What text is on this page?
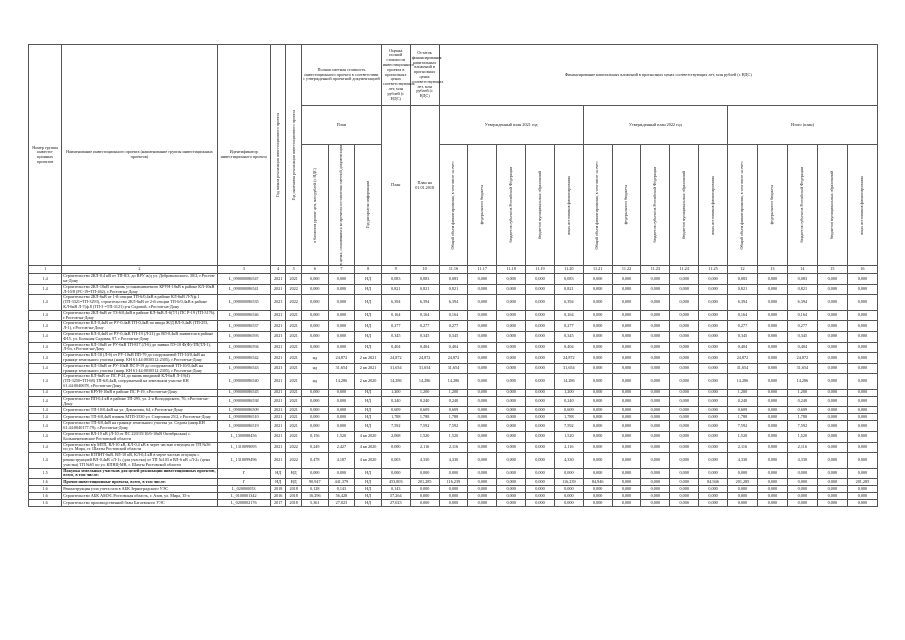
Номер группы инвести-ционных проектов	Наименование инвестиционного проекта (наименование группы инвестиционных проектов)	Идентификатор инвестиционного проекта	Год начала реализации инвестиционного проекта	Год окончания реализации инвестиционного проекта	Полная сметная стоимость инвестиционного проекта в соответствии с утвержденной проектной документацией			Оценка полной стоимости инвестиционного проекта в прогнозных ценах соответствующих лет, млн рублей (с НДС)	Остаток финансирования капитальных вложений в прогнозных ценах соответствующих лет, млн рублей (с НДС)	Финансирование капитальных вложений в прогнозных ценах соответствующих лет, млн рублей (с НДС)														
					План			План	План на 01.01.2018	Утвержденный план 2021 год					Утвержденный план 2022 год					Итого (план)				

					в базисном уровне цен, млн рублей (с НДС)	в ценах, сложившихся ко времени составления сметной документации	Год раскрытия информации			Общий объем финансирования, в том числе за счет:	федерального бюджета	бюджетов субъектов Российской Федерации	бюджетов муниципальных образований	иных источников финансирования	Общий объем финансирования, в том числе за счет:	федерального бюджета	бюджетов субъектов Российской Федерации	бюджетов муниципальных образований	иных источников финансирования	Общий объем финансирования, в том числе за счет:	федерального бюджета	бюджетов субъектов Российской Федерации	бюджетов муниципальных образований	иных источников финансирования

1	2	3	4	5	6	7	8	9	10	11.16	11.17	11.18	11.19	11.20	11.21	11.22	11.23	11.24	11.25	12	13	14	15	16
1.4	Строительство 2КЛ-0,4 кВ от ТП-8/3, до ВРУ ж/д ул. Добровольского, 30/2, г.Ростов-на-Дону	L_090000086547	2021	2021	0,000	0,000	НД	0,083	0,083	0,083	0,000	0,000	0,000	0,083	0,000	0,000	0,000	0,000	0,000	0,083	0,000	0,083	0,000	0,000
1.4	Строительство 2КЛ-10кВ от вновь устанавливаемого КРУН-10кВ в районе КЛ-10кВ Л-10/8 (РС-19=ТП-462), г.Ростов-на-Дону	L_090000086541	2021	2022	0,000	0,000	НД	0,821	0,821	0,821	0,000	0,000	0,000	0,821	0,000	0,000	0,000	0,000	0,000	0,821	0,000	0,821	0,000	0,000
1.4	Строительство 2КЛ-6кВ от 1-й секции ТП-6/0,4кВ в районе КЛ-6кВ Л-7(ф.1 (ТП-3321=ТП-3293), строительство 2КЛ-6кВ от 2-й секции ТП-6/0,4кВ в районе КЛ-6кВ Л-7(ф.8 (ТП-3 =ТП-3121) р-н Садовой, г.Ростов-на-Дону	L_090000086535	2021	2022	0,000	0,000	НД	6,394	6,394	6,394	0,000	0,000	0,000	6,394	0,000	0,000	0,000	0,000	0,000	6,394	0,000	6,394	0,000	0,000
1.4	Строительство 2КЛ-6кВ от ТЗ-6/0,4кВ в районе КЛ-6кВ Л-6(7/1) ПС Р-19 (ТП-3176), г.Ростов-на-Дону	L_090000086546	2021	2021	0,000	0,000	НД	0,164	0,164	0,164	0,000	0,000	0,000	0,164	0,000	0,000	0,000	0,000	0,000	0,164	0,000	0,164	0,000	0,000
1.4	Строительство КЛ-0,4кВ от РУ-0,4кВ ТП-0,4кВ по ввода Ж/Д ВЛ-0,4кВ (ТП-253, Л-1), г.Ростов-на-Дону	L_090000086537	2021	2021	0,000	0,000	НД	0,277	0,277	0,277	0,000	0,000	0,000	0,277	0,000	0,000	0,000	0,000	0,000	0,277	0,000	0,277	0,000	0,000
1.4	Строительство КЛ-0,4кВ от РУ-0,4кВ ТП-19 (Л-21) до ВЛ-0,4кВ заявителя в районе Ф15, ул. Большая Садовая, 97, г.Ростов-на-Дону	L_090000086593	2021	2021	0,000	0,000	НД	0,345	0,345	0,345	0,000	0,000	0,000	0,345	0,000	0,000	0,000	0,000	0,000	0,345	0,000	0,345	0,000	0,000
1.4	Строительство КЛ-10кВ от РУ-6кВ ТП-817 (Л-6) до заявки ЛЭ-10 Ф(Ф)-ТП(ТЛ-1), Л-6ч, г.Ростов-на-Дону	L_090000086594	2021	2021	0,000	0,000	НД	0,404	0,404	0,404	0,000	0,000	0,000	0,404	0,000	0,000	0,000	0,000	0,000	0,404	0,000	0,404	0,000	0,000
1.4	Строительство КЛ-10 (Л-6) от РУ-10кВ ПП-79 до сооружаемой ТП-10/0,4кВ на границе земельного участка (напр. КН 61:44:0030512:2305), г.Ростов-на-Дону	L_090000086542	2021	2021	нд	24,872	2 кв 2021	24,872	24,872	24,872	0,000	0,000	0,000	24,872	0,000	0,000	0,000	0,000	0,000	24,872	0,000	24,872	0,000	0,000
1.4	Строительство КЛ-10кВ от РУ-10кВ ПС Р-19 до сооружаемой ТП-10/0,4кВ на границе земельного участка (напр. КН 61:44:0030512:2305), г.Ростов-на-Дону	L_090000086543	2021	2021	нд	31,654	2 кв 2021	31,654	31,654	31,654	0,000	0,000	0,000	31,654	0,000	0,000	0,000	0,000	0,000	31,654	0,000	31,654	0,000	0,000
1.4	Строительство КЛ-6кВ от ПС Р-24 до вновь вводимой КЛ-6кВ Л-19(4) (ТП-3250=ТП-68) ТП-6/0,4кВ, сооружаемой на земельном участке КН 61:44:0040678, г.Ростов-на-Дону	L_090000086540	2021	2021	нд	14,286	2 кв 2020	14,286	14,286	14,286	0,000	0,000	0,000	14,286	0,000	0,000	0,000	0,000	0,000	14,286	0,000	14,286	0,000	0,000
1.4	Строительство КРУН-10кВ в районе ПС Р-19, г.Ростов-на-Дону	L_090000086545	2021	2021	0,000	0,000	НД	1,200	1,200	1,200	0,000	0,000	0,000	1,200	0,000	0,000	0,000	0,000	0,000	1,200	0,000	1,200	0,000	0,000
1.4	Строительство ПП-0,4 кВ в районе ТП-295, ул. 2-я Володарского, 76, г.Ростов-на-Дону	L_090000086538	2021	2021	0,000	0,000	НД	0,240	0,240	0,240	0,000	0,000	0,000	0,240	0,000	0,000	0,000	0,000	0,000	0,240	0,000	0,240	0,000	0,000
1.4	Строительство ТП-10/0,4кВ на ул. Довлатова, 64, г.Ростов-на-Дону	L_090000086509	2021	2021	0,000	0,000	НД	0,609	0,609	0,609	0,000	0,000	0,000	0,609	0,000	0,000	0,000	0,000	0,000	0,609	0,000	0,609	0,000	0,000
1.4	Строительство ТП-6/0,4кВ взамен МТП-3530 ул. Стартовая 25/2, г.Ростов-на-Дону	L_090000086510	2021	2021	0,000	0,000	НД	1,788	1,788	1,788	0,000	0,000	0,000	1,788	0,000	0,000	0,000	0,000	0,000	1,788	0,000	1,788	0,000	0,000
1.4	Строительство ТП-6/0,4кВ на границе земельного участка ул. Седова (напр.КН 61:44:0040177:79), г.Ростов-на-Дону	L_090000086519	2021	2021	0,000	0,000	НД	7,592	7,592	7,592	0,000	0,000	0,000	7,592	0,000	0,000	0,000	0,000	0,000	7,592	0,000	7,592	0,000	0,000
1.4	Строительство ВЛ-10 кВ (Л-10 от ПС 220/35/10/6-10кВ Октябрьская) с. Большемеховское Ростовской области	L_1300088456	2021	2021	0,156	1,520	4 кв 2020	2,068	1,520	1,520	0,000	0,000	0,000	1,520	0,000	0,000	0,000	0,000	0,000	1,520	0,000	1,520	0,000	0,000
1.4	Строительство в/р МТП, ВЛ-10 кВ, КЛ-0,4 кВ в черте частью отпущен от ТП №56 по ул. Мира, ст. Шахты Ростовской области	L_1310099095	2021	2022	0,249	2,427	4 кв 2020	0,000	2,116	2,116	0,000	0,000	0,000	2,116	0,000	0,000	0,000	0,000	0,000	2,116	0,000	2,116	0,000	0,000
1.4	Строительство КТПНТ-6кВ, ВЛ-10 кВ, КЛ-0,4 кВ в черте частью отпущен с реконструкцией ВЛ-0,4кВ «Л-1» (для участка) от ТП №103 в ВЛ-6 кВ «Л-2» (цена участка) ТП №65 по ул. КПНЦ-МВ, г. Шахты Ростовской области	L_1310099496	2021	2022	0,478	4,187	4 кв 2020	0,003	4,330	4,330	0,000	0,000	0,000	4,330	0,000	0,000	0,000	0,000	0,000	4,330	0,000	4,330	0,000	0,000
1.5	Покупка земельных участков для целей реализации инвестиционных проектов, всего, в том числе:	Г	НД	НД	0,000	0,000	НД	0,000	0,000	0,000	0,000	0,000	0,000	0,000	0,000	0,000	0,000	0,000	0,000	0,000	0,000	0,000	0,000	0,000
1.6	Прочие инвестиционные проекты, всего, в том числе:	Г	НД	НД	90,947	441,379	НД	453,803	201,285	116,239	0,000	0,000	0,000	116,239	84,946	0,000	0,000	0,000	84,946	201,285	0,000	0,000	0,000	201,285
1.6	Реконструкция узла учета газа в АБК Зерноградского УЭС	L_020000053	2018	2018	0,128	0,143	НД	0,143	0,000	0,000	0,000	0,000	0,000	0,000	0,000	0,000	0,000	0,000	0,000	0,000	0,000	0,000	0,000	0,000
1.6	Строительство АБК АМЭС Ростовская область, г. Азов, ул. Мира, 35-а	L_0100001342	2016	2018	16,296	56,428	НД	57,264	0,000	0,000	0,000	0,000	0,000	0,000	0,000	0,000	0,000	0,000	0,000	0,000	0,000	0,000	0,000	0,000
1.6	Строительство производственной базы Багаевского УЭС	L_0200002176	2017	2018	5,361	27,023	НД	27,023	0,000	0,000	0,000	0,000	0,000	0,000	0,000	0,000	0,000	0,000	0,000	0,000	0,000	0,000	0,000	0,000
